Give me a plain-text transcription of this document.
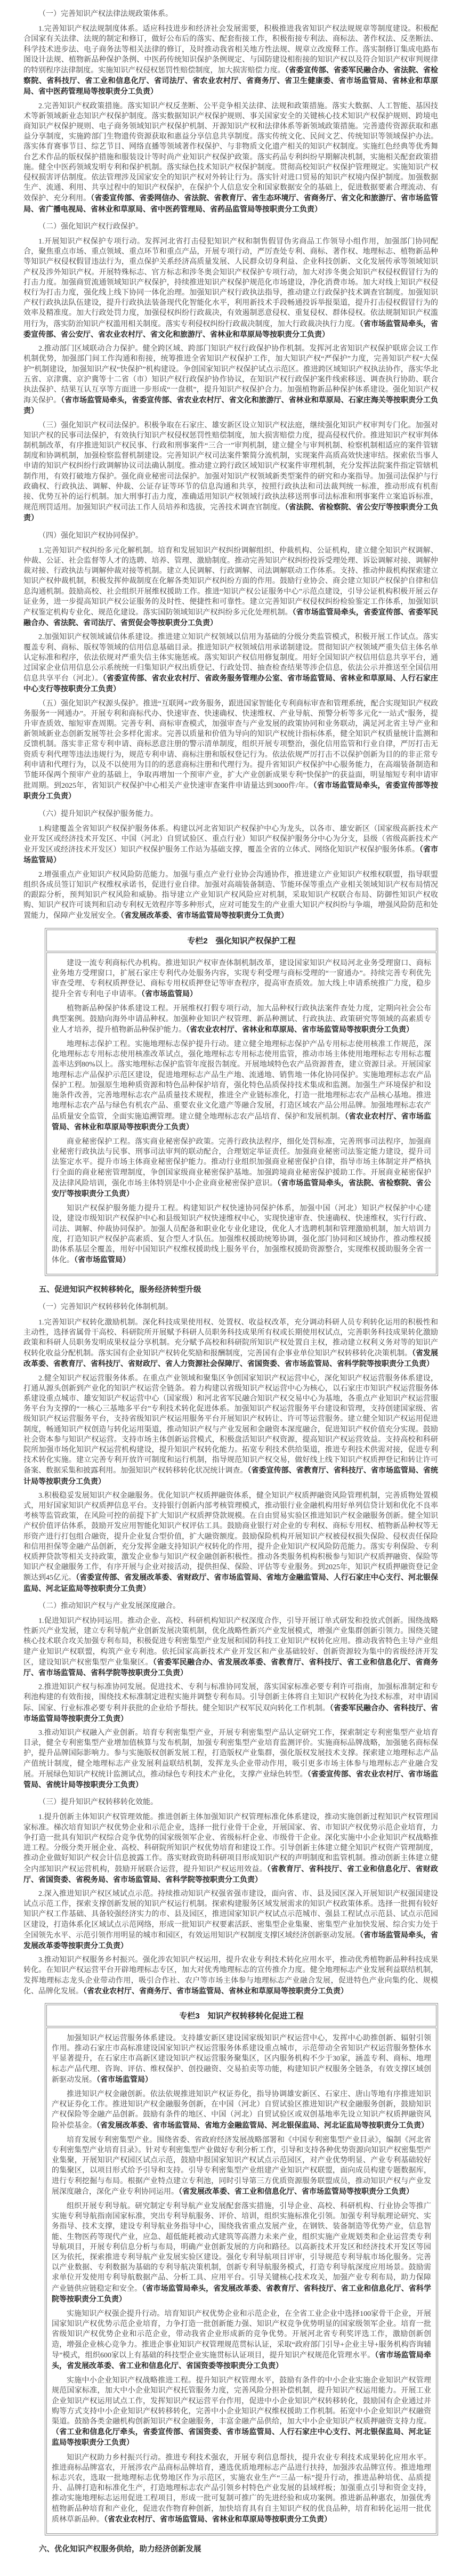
（一）完善知识产权法律法规政策体系。

1.完善知识产权法规制度体系。适应科技进步和经济社会发展需要，积极推进我省知识产权法规规章等制度建设。积极配合国家有关法律、法规的制定和修订，做好公布后的落实、配套衔接工作，积极衔接专利法、商标法、著作权法、反垄断法、科学技术进步法、电子商务法等相关法律的修订，及时推动我省相关地方性法规、规章立改废释工作。落实制修订集成电路布图设计法规、植物新品种保护条例、中医药传统知识保护条例规定、与国防建设相衔接的知识产权以及符合知识产权审判规律的特别程序法律制度。实施知识产权侵权惩罚性赔偿制度，加大损害赔偿力度。（省委宣传部、省委军民融合办、省法院、省检察院、省科技厅、省工业和信息化厅、省司法厅、省农业农村厅、省商务厅、省卫生健康委、省市场监管局、省林业和草原局、省中医药管理局等按职责分工负责）

2.完善知识产权政策措施。落实知识产权反垄断、公平竞争相关法律、法规和政策措施。落实大数据、人工智能、基因技术等新领域新业态知识产权保护制度。落实数据知识产权保护规则、事关国家安全的关键核心技术知识产权保护规则、跨境电商知识产权保护规则、电子商务领域知识产权保护机制、开源知识产权和法律体系等新领域政策措施。完善遗传资源获取和惠益分享制度，实施跨部门生物遗传资源获取和惠益分享信息共享制度。落实传统文化、民间文艺、传统知识等领域保护办法。落实体育赛事节目、综艺节目、网络直播等领域著作权保护、与非物质文化遗产相关的知识产权制度。实施红色经典等优秀舞台艺术作品的版权保护措施和服装设计等时尚产业知识产权保护政策。落实药品专利纠纷早期解决机制，实施相关配套政策措施。健全中医药领域发明专利和保护机制。落实绿色技术知识产权保护制度。贯彻高校知识产权保护管理规定。实施知识产权侵权损害评估制度。依法管理涉及国家安全的知识产权对外转让行为。落实针对进口贸易的知识产权境内保护制度。加强数据生产、流通、利用、共享过程中的知识产权保护，在保护个人信息安全和国家数据安全的基础上，促进数据要素合理流动、有效保护、充分利用。（省委宣传部、省委网信办、省法院、省教育厅、省生态环境厅、省商务厅、省文化和旅游厅、省市场监管局、省广播电视局、省林业和草原局、省中医药管理局、省药品监管局等按职责分工负责）

（二）强化知识产权行政保护。

1.开展知识产权保护专项行动。发挥河北省打击侵犯知识产权和制售假冒伪劣商品工作领导小组作用，加强部门协同配合，聚焦重点市场、重点领域、重点环节和重点产品，开展专项行动，严厉查处专利、商标、著作权、地理标志、植物新品种等知识产权侵权假冒违法行为，重点保护关系经济高质量发展、人民群众切身利益、企业科技创新、文化发展传承等领域知识产权及涉外知识产权。开展特殊标志、官方标志和涉冬奥会知识产权保护专项行动，加大对涉冬奥会知识产权侵权假冒行为的打击力度。加强商贸流通领域知识产权保护，持续推进知识产权保护规范化市场建设，净化消费市场。加大对线上知识产权侵权行为打击力度，强化线上线下协同一体化治理。加强知识产权行政执法指导，推动建立行政保护技术调查官制度。加强知识产权行政执法队伍建设，提升行政执法装备现代化智能化水平，利用新技术手段畅通投诉举报渠道，提升打击侵权假冒行为的效率及精准度。加大行政处罚力度，加强侵权纠纷行政裁决，有效遏制恶意侵权、重复侵权、群体侵权。依法规制知识产权滥用行为，落实防治知识产权滥用相关制度。落实专利侵权纠纷行政裁决制度，加大行政裁决执行力度。（省市场监管局牵头，省委宣传部、省公安厅、省农业农村厅、省文化和旅游厅、省林业和草原局等按职责分工负责）

2.推动部门区域联动合力保护。健全跨区域、跨部门知识产权行政保护协作机制。发挥河北省知识产权保护联席会议工作机制优势，加强部门间工作沟通和衔接，统筹推进全省知识产权保护工作，加大知识产权“严保护”力度，完善知识产权“大保护”机制建设，加强知识产权“快保护”机构建设。争创国家知识产权保护试点示范区。推进跨区域知识产权执法协作，落实华北五省、京津冀、京沪冀等十二省（市）知识产权行政保护协作协议，在知识产权行政保护案件线索移送、调查执行协助、联合执法保护、结果互认互享等方面进一步形成“一盘棋”，提升知识产权保护合力。加强植物新品种保护体系建设。强化知识产权海关保护。（省市场监管局牵头，省委宣传部、省农业农村厅、省文化和旅游厅、省林业和草原局、石家庄海关等按职责分工负责）

（三）强化知识产权司法保护。积极争取在石家庄、雄安新区设立知识产权法庭，继续强化知识产权审判专门化。加强对知识产权的民事司法保护，有效执行知识产权侵权惩罚性赔偿制度，加大损害赔偿力度，提高侵权代价。推进知识产权审判体制机制改革，有序推进知识产权民事、行政和刑事案件“三合一”审判机制，建立健全与审判机制、检察机制相适应的案件管辖制度和协调机制，加强检察监督机制建设。完善知识产权司法案件繁简分流机制，实现案件高质高效快速审结。探索依当事人申请的知识产权纠纷行政调解协议司法确认制度。推动建立跨行政区域知识产权案件审理机制，充分发挥法院案件指定管辖机制作用，有效打破地方保护。强化商业秘密司法保护。加强对知识产权领域新类型案件的研究和办案指导。加强司法保护与行政确权、行政执法、调解、仲裁、公证存证等环节的信息沟通和共享，按照行政执法和司法裁判统一标准，推动形成有机衔接、优势互补的运行机制。加大刑事打击力度，准确适用知识产权领域行政执法移送刑事司法标准和刑事案件立案追诉标准，规范刑罚适用。加强知识产权司法工作人员培养和选拔，完善技术调查官制度。（省法院、省检察院、省公安厅等按职责分工负责）

（四）强化知识产权协同保护。

1.完善知识产权纠纷多元化解机制。培育和发展知识产权纠纷调解组织、仲裁机构、公证机构，建立健全知识产权调解、仲裁、公证、社会监督等人才的选聘、培养、管理、激励制度。推动完善知识产权纠纷投诉受理处理、诉讼调解对接、调解仲裁对接、行政执法与调解仲裁对接等机制。建立人民调解、行政调解、司法调解联动工作体系。支持、推动仲裁机构探索建立知识产权仲裁机制，积极发挥仲裁制度在化解各类知识产权纠纷方面的作用。鼓励行业协会、商会建立知识产权保护自律和信息沟通机制。鼓励高校、社会组织开展维权援助工作。推进“知识产权公证服务中心”示范点建设，引导公证机构积极开展云存证业务，进一步提高知识产权公证服务的及时性、便捷性和可靠性。建立完善知识产权侵权纠纷检验鉴定工作体系，加强知识产权鉴定机构专业化、规范化建设。落实国防领域知识产权纠纷多元化处理机制。（省市场监管局牵头，省委宣传部、省委军民融合办、省法院、省司法厅、省贸促会等按职责分工负责）

2.加强知识产权领域诚信体系建设。推进建立知识产权领域以信用为基础的分级分类监管模式，积极开展工作试点。落实覆盖专利、商标、版权等领域的信用信息基础目录。推进知识产权领域信用承诺制建设。贯彻知识产权领域严重失信主体名单认定标准和程序，依法依规对严重失信主体实施惩戒。落实知识产权信用修复制度。用好全国知识产权信用信息共享平台，通过国家企业信用信息公示系统统一归集知识产权出质登记、行政处罚、抽查检查结果等涉企信息，依法公示并推送至全国信用信息共享平台（河北）。（省委宣传部、省农业农村厅、省政务服务管理办公室、省市场监管局、省林业和草原局、人行石家庄中心支行等按职责分工负责）

（五）强化知识产权源头保护。推进“互联网+”政务服务，跟进国家智能化专利商标审查和管理系统，配合实现知识产权政务服务“一网通办”。开展专利和商标代办、快速审查、快速确权、快速维权、产业导航、预警分析等多元化“一站式”服务，提升审查质效、缩短审查周期。完善专利、商标审查模式，加强审查与产业发展的政策协同和业务联动，满足河北省主导产业和新领域新业态创新发展等社会多样化需求。完善以质量和价值为导向的知识产权统计指标体系，健全知识产权质量统计监测和反馈机制。落实非正常专利申请、商标恶意注册的警示清单制度，组织开展专项整治，强化信用监管和行业自律，严厉打击无资质专利代理等违法违规行为，规范专利申请、商标注册和版权登记行为。依法依规严厉打击不以保护创新为目的的非正常专利申请和代理行为，以及不以使用为目的的恶意商标注册和代理行为。提升省知识产权保护中心服务能力，在高端装备制造和节能环保两个预审产业的基础上，争取再增加一个预审产业，扩大产业创新成果专利“快保护”的获益面，明显缩短专利申请审批周期。到2025年，省知识产权保护中心相关产业快速审查案件申请量达到3000件/年。（省市场监管局牵头，省委宣传部等按职责分工负责）

（六）提升知识产权保护服务能力。

1.构建覆盖全省知识产权保护服务体系。构建以河北省知识产权保护中心为龙头，以各市、雄安新区（国家级高新技术产业开发区或经济技术开发区、中国（河北）自贸试验区、重点行业）知识产权保护服务分中心为分支，县级（省级高新技术产业开发区或经济技术开发区）知识产权保护服务工作站为基础支撑，覆盖全省的立体式、网络化知识产权保护服务体系。（省市场监管局）

2.增强重点产业知识产权风险防范能力。加强与重点产业行业协会沟通协作，推进建立产业知识产权维权联盟，指导联盟组织各成员签订知识产权维权承诺书，促进行业自律。加强对高端装备制造、节能环保等重点产业相关领域知识产权布局情况的跟踪分析，预判知识产权风险和威胁。指导建立产业知识产权风险应对机制，采取知识产权联合布局、防御性知识产权收购、知识产权许可谈判和启动专利权无效程序等多种形式，应对可能发生的产业重大知识产权纠纷与争端，增强风险防范和处置能力，保障产业发展安全。（省发展改革委、省市场监管局等按职责分工负责）

专栏2　强化知识产权保护工程

建设一流专利商标代办机构。推进知识产权审查体制机制改革，建设国家知识产权局河北业务受理窗口、商标业务地方受理窗口，扩展石家庄专利代办处服务内容，实现专利受理与商标受理的“一窗通办”。持续完善专利优先审查受理、专利权质押登记、商标专用权质押登记等审查程序，提高审查质效。加大线上申请系统推广力度，稳步提升全省专利电子申请率。（省市场监管局）

植物新品种保护体系建设工程。开展维权打假专项行动，加大品种权行政执法案件查处力度，定期向社会公布典型案例。鼓励向海外申请品种权。加强种业知识产权管理、新品种测试、行政执法、政策研究等领域的高素质专业人才培养，提升植物新品种保护能力。（省农业农村厅、省林业和草原局、省市场监管局等按职责分工负责）

地理标志保护工程。实施地理标志保护提升行动。建立健全地理标志保护产品专用标志使用核准工作规范，深化地理标志专用标志使用核准改革试点，强化地理标志专用标志使用监管，推动市场主体使用地理标志专用标志覆盖率达到80%以上。落实地理标志保护监管年度报告制度。开展地域特色农产品资源普查，建立资源目录。开展国家地理标志产品保护示范区建设，促进地理标志产品生产地、流通地、销售地一体化协同保护。实施地理标志农产品保护工程。加强原生地种质资源和特色品种保护培育，强化特色品质保持技术集成和监测。加强生产环境保护和设施条件改善，完善地理标志农产品质量技术规程，推进全产业链标准化，打造一批地理标志农产品核心基地。推进地理标志农产品与绿色有机农产品、重要农业文化遗产等融合发展，打造区域农产品公用品牌。加强地理标志农产品质量安全监管，全面实施追溯管理。建立健全地理标志农产品培育、保护和发展机制。（省农业农村厅、省市场监管局、省林业和草原局等按职责分工负责）

商业秘密保护工程。落实商业秘密保护政策。完善行政执法程序，细化处罚标准，完善刑事司法程序，加强商业秘密行政执法与民事、刑事司法审判的联动配合，合理划定举证责任。加强商业秘密司法鉴定能力建设，提升司法鉴定水平。提升市场主体商业秘密保护能力。推动行业组织加强商业秘密保护自律，指导市场主体制定并严格执行全面的商业秘密管理制度，争创国家级商业秘密保护基地。加强跨境商业秘密保护援助工作。开展商业秘密保护及法律风险培训，强化市场主体特别是中小企业商业秘密保护意识。（省市场监管局牵头，省法院、省检察院、省公安厅等按职责分工负责）

知识产权保护服务能力提升工程。构建知识产权快速协同保护体系，加强中国（河北）知识产权保护中心建设，建设市级知识产权保护中心和县级知识产权快速维权中心，实现快速审查、快速确权、快速维权，实行行政、司法、调解、仲裁协同保护。加强人员配备和职业化专业化建设，优化人才选聘机制和管理激励机制，加大培训力度，打造知识产权保护高素质、复合型人才队伍。加强维权援助统筹协调，强化部门协同和区域协作，推动维权援助体系基层全覆盖，用好中国知识产权维权援助线上服务平台，加强维权援助资源整合，实现维权援助服务全省一体化。（省市场监管局）

五、促进知识产权转移转化，服务经济转型升级

（一）完善知识产权转移转化体制机制。

1.完善知识产权转化激励机制。深化科技成果使用权、处置权、收益权改革，充分调动科研人员专利转化运用的积极性和主动性，选择省属骨干高校、科研院所开展赋予科研人员职务科技成果所有权或长期使用权试点，完善职务科技成果转化激励政策和科研人员职务发明成果权益分享机制。充分赋予高校和科研院所知识产权处置自主权，推动建立权利义务对等的知识产权转化收益分配机制。落实国有企业知识产权转化奖励和报酬制度，完善国有企事业单位知识产权转移转化决策机制。（省发展改革委、省教育厅、省科技厅、省财政厅、省人力资源社会保障厅、省国资委、省市场监管局、省科学院等按职责分工负责）

2.健全知识产权运营服务体系。在重点产业领域和聚集区争创国家知识产权运营中心，深化知识产权运营服务体系建设，打通从源头创新到产业化的知识产权运营全链条。着力构建以省级知识产权运营中心为核心，以石家庄市知识产权运营服务体系建设重点城市、雄安知识产权运营中心（国家级）和河北省军民融合知识产权交易中心为基地，各重点产业知识产权运营服务平台为支撑的“一核心三基地多平台”专利技术转化促进体系。加强知识产权运营服务平台建设和管理，支持创建国家级、省级知识产权运营服务平台，支持省级知识产权运用服务平台开展知识产权转让、许可等运营服务。建立健全知识产权运用促进制度，畅通知识产权创造与转化运用渠道，推动知识产权与产业发展和金融资本深度融合，促进知识产权价值充分实现。鼓励社会资本参与知识产权运营。支持市场主体创新运营模式，积极盘活知识产权资源，提高知识产权运营效益。支持高校和科研院所加强市场化知识产权运营机构建设，提升知识产权转化能力。拓宽专利技术供给渠道，推进专利技术供需对接，促进专利技术转化实施。建立完善专利开放许可制度和运行机制，指导规范知识产权交易，做好线上线下知识产权质押登记和转让许可备案、数据采集和披露利用。加强知识产权转移转化状况统计调查。（省委宣传部、省教育厅、省科技厅、省市场监管局、省统计局等按职责分工负责）

3.积极稳妥发展知识产权金融服务。优化知识产权质押融资体系，健全知识产权质押融资风险管理机制，完善质物处置模式，用好国家知识产权质押信息平台。支持银行创新内部考核管理模式，推动银行业金融机构用好单列信贷计划和优化不良率考核等监管政策，在风险可控的前提下扩大知识产权质押贷款规模。在自由贸易实验区推进知识产权金融服务创新。健全知识产权价值评估体系，鼓励开发应用智能化知识产权评估工具。鼓励商业银行对企业的专利权、商标专用权、植物新品种权等无形资产进行打包组合融资，提升企业复合型价值，扩大融资额度。鼓励保险机构开展知识产权被侵权损失保险、侵权责任保险和信用担保等金融产品创新，充分发挥金融支持知识产权转化的作用，提升企业知识产权风险防范能力。落实专利保险、专利权质押贷款等相关支持政策，激发企业参与知识产权金融创新积极性。推动各类服务机构积极参与知识产权质押融资、保险等知识产权金融服务工作，有序开展与企业对接活动，提供担保、保险、评估等专业服务。到2025年，知识产权质押融资登记金额达到45亿元。（省委宣传部、省发展改革委、省财政厅、省市场监管局、省地方金融监管局、人行石家庄中心支行、河北银保监局、河北证监局等按职责分工负责）

（二）推动知识产权与产业发展深度融合。

1.促进知识产权协同运用。推动企业、高校、科研机构知识产权深度合作，引导开展订单式研发和投放式创新。围绕战略性新兴产业发展，建立专利导航产业创新发展决策机制，优化战略性新兴产业发展模式，增强产业集群创新引领力。围绕关键核心技术联合攻关加强专利布局，积极促进专利密集型产业发展和国防科技工业知识产权转化应用。推动我省特色主导产业组建产业知识产权联盟，构筑产业专利池。依托国家高新技术产业开发区和产业基础较好、创新资源较为集中的省级经济开发区，建设知识产权密集型产业集聚区。（省委军民融合办、省发展改革委、省教育厅、省科技厅、省工业和信息化厅、省商务厅、省市场监管局、省科学院等按职责分工负责）

2.推进知识产权与标准协同发展。促进技术、专利与标准协同发展，落实国家标准必要专利许可指南，加强标准制定和专利池构建的有效衔接，围绕技术标准制定进程实施并调整专利布局。引导创新主体将自主知识产权转化为技术标准，对申请国际、国家、行业标准必要专利并获批的企业给予帮扶。健全知识产权军民双向转化工作机制。（省委军民融合办、省科技厅、省市场监管局等按职责分工负责）

3.推动知识产权融入产业创新。培育专利密集型产业，开展专利密集型产品认定研究工作，探索制定专利密集型产业培育目录，健全专利密集型产业增加值核算与发布机制，加强专利密集型产业培育监测评价。实施商标品牌战略，加强驰名商标保护，提升品牌国际影响力。参与实施版权创新发展工程，打造版权产业集群，强化版权发展技术支撑。探索建立地理标志产品产值统计制度，健全地理标志产业发展利益联结机制，发挥龙头企业带动作用，吸引更多市场主体参与地理标志产业融合发展。开展绿色知识产权统计监测试点，推动绿色专利技术产业化，支撑产业绿色转型。（省委宣传部、省农业农村厅、省市场监管局、省统计局等按职责分工负责）

（三）提升知识产权转移转化效能。

1.提升创新主体知识产权管理效能。推进创新主体加强知识产权管理标准化体系建设，推动实施创新过程知识产权管理国家标准。梯次培育知识产权优势企业和示范企业，选择一批行业骨干企业，开展国家、省、市知识产权优势示范企业培育，力争打造一批具有知识产权综合竞争优势的国家级领军企业、省级标杆企业、市级骨干企业。深化实施中小企业知识产权战略推进工程。分级分类开展企业、高校、科研院所知识产权优势培育和建设工作。引导创新主体建立健全知识产权资产管理制度，推动企业做好知识产权会计信息披露工作。落实财政资助科研项目形成知识产权的声明制度和监管机制。推动创新主体建立健全内部知识产权运营机构，鼓励开展联合运营，提升知识产权运用效益。（省教育厅、省科技厅、省工业和信息化厅、省财政厅、省国资委、省税务局、省市场监管局、省科学院等按职责分工负责）

2.深入推进知识产权区域试点示范。持续推动知识产权强省强市建设，面向省、市、县及园区深入开展知识产权强国建设试点示范工作，探索支撑创新发展的知识产权运行机制。探索构建服务区域发展需求的知识产权政策体系。选择一批拥有较好知识产权工作基础、具备较强经济实力的市、县及园区，推进国家知识产权试点示范城市、强县工程试点示范县、试点示范园区建设，打造体系化区域试点示范网络，形成一批知识产权要素活跃、密集型企业集聚、密集型产业加快发展、综合实力处于全国领先水平、示范引领作用明显的城市和园区，有效运用知识产权制度支撑区域经济创新驱动发展。（省市场监管局牵头，省发展改革委等按职责分工负责）

3.推动知识产权服务乡村振兴。强化涉农知识产权运用，提升农业专利技术转化应用水平，推动优秀植物新品种科技成果转化。在知识产权运营平台开辟地理标志专区，加大对优秀地理标志的宣传推介力度。健全地理标志产业发展利益联结机制，发挥地理标志龙头企业带动作用，吸引合作社、农户等市场主体参与地理标志产业融合发展，促进特色产业向集约化、规模化、品牌化发展。（省农业农村厅、省商务厅、省市场监管局、省林业和草原局等按职责分工负责）

专栏3　知识产权转移转化促进工程

加强知识产权运营服务体系建设。支持雄安新区建设国家级知识产权运营中心，发挥中心助推创新、辐射引领作用。推动石家庄市高标准建设国家知识产权运营服务体系建设重点城市，示范带动全省知识产权运营服务整体水平显著提升，在石家庄市高新区建设知识产权运营服务聚集区，区内服务机构不少于30家，涵盖专利、商标、地理标志产品代理、咨询、评估、维权保护、创投融资、交易拍卖等功能，构建知识产权服务全链条，有效支撑区域创新驱动发展。（省市场监管局）

推进知识产权金融创新。依法依规推进知识产权证券化，指导协调雄安新区、石家庄、唐山等地有序推进知识产权证券化工作。推进知识产权金融服务创新，在中国（河北）自贸试验区推进知识产权金融服务创新，鼓励知识产权保险等金融产品创新。鼓励有条件的地区、中国（河北）自贸试验区或双创基地率先设立知识产权质押融资风险补偿基金。（省发展改革委、省市场监管局、省地方金融监管局、河北银保监局、河北证监局等按职责分工负责）

培育发展专利密集型产业。围绕省委、省政府经济发展战略部署和《中国专利密集型产业目录》，编制《河北省专利密集型产业培育目录》。针对专利密集型产业做好专利分析工作，引导和支持各种优势资源向知识产权密集型产业集聚，开展知识产权园区试点示范，鼓励申报国家知识产权试点示范园区，对产业优势明显、产业专利基础较好的集聚区，以项目形式给予引导和支持。引导专利密集型产业组建产业知识产权联盟，面向成员构建专题数据库，进行专利挖掘与布局。根据产业特点建立专利池，同时引导第三方优质资源服务联盟成员，推动知识产权与产业发展深度融合，深化产业专利协同运用。（省发展改革委、省工业和信息化厅、省市场监管局等按职责分工负责）

组织开展专利导航。研究制定专利导航产业发展配套落实措施，引导企业、高校、科研机构、行业协会等推广实施专利导航指南国家标准，突出专利导航服务、评价、培训，组织实施标准化引领。加强专利导航理论研究、实务指导、技术支撑，建设专利导航业务指导中心，围绕我省重点发展产业，在钢铁、装备制造等优势产业，信息智能、生物医药等现代产业，应急、超低能耗被动式建筑等高潜力未来产业，组织实施产业规划类和企业运营类专利导航项目，开展专利信息分析与布局，明确产业创新发展的方向和路径。以高新技术开发区和经济技术开发区等园区为依托，探索推进专利导航产业发展实验区建设。强化专利导航项目评审，引导规范专利导航市场化服务。完善以产业数据、专利数据为基础的专利导航决策机制，创新专利导航服务模式，打造专利导航深度应用场景。鼓励需求单位开发使用专利导航数据产品、分析工具、应用平台。引导关键核心技术攻关，加强产业专利布局，助力保障产业链供应链稳定和安全。（省市场监管局牵头，省发展改革委、省教育厅、省科技厅、省工业和信息化厅、省科学院等按职责分工负责）

实施知识产权强企提升行动。培育知识产权优势企业和示范企业，在全省工业企业中选择100家骨干企业，开展国家知识产权优势示范企业培育，力争打造一批创新能力强、知识产权竞争优势明显的国家级领军企业。培育一批省级知识产权优势企业和示范企业，带动我省企业形成新的竞争优势。开展河北省专利奖评选工作，激励创新创造，增强企业核心竞争力。推进企事业知识产权管理规范贯标认证，采取“政府部门引导+企业主导+服务机构咨询辅导”模式，组织600家以上有基础的科技型企业实施贯标认证项目，提升知识产权规范化管理水平。（省市场监管局牵头，省发展改革委、省工业和信息化厅、省国资委等按职责分工负责）

实施中小企业知识产权战略推进工程。提升知识产权管理水平，鼓励有条件的中小企业实施企业知识产权管理规范国家标准，加大中小企业知识产权托管服务力度，完善风险分担补偿机制，提升知识产权运用能力。开展工业企业知识产权运用试点工作，发挥知识产权运营平台作用，促进中小企业知识产权转移转化，鼓励国有企业通过并购等方式支持中小企业知识产权转移转化，完善中小企业知识产权维权援助工作机制。拓宽中小企业知识产权融资渠道。鼓励各类金融机构创新知识产权金融服务，丰富金融产品供给，加大中小企业知识产权质押融资支持力度。（省工业和信息化厅牵头，省委宣传部、省国资委、省市场监管局、人行石家庄中心支行、河北银保监局、河北证监局等按职责分工负责）

知识产权助力乡村振兴行动。推进专利技术强农，开展专利信息帮扶，提升农业专利技术成果转化应用水平。推进商标品牌富农，开展涉农产品商标品牌培育，遴选优质地理标志产品进行扶持，加强涉农品牌宣传。推进地理标志兴农，选取一批地理标志优势地区作为示范区，实施农业生产“三品一标”提升行动，推进品种培优、品质提升、品牌打造和标准化生产，打造地理标志农产品引领乡村特色产业发展的县域样板；加强重点引导和资金支持，推动实施地理标志运用促进工程项目，形成一批可复制可推广的先进经验和成功案例。推进新品种惠农，加强优秀植物新品种培育和产业化，促进农作物育种创新，加快培育具有自主知识产权的优良品种，培育和转化运用一批优质林草新品种。（省农业农村厅、省市场监管局、省林业和草原局等按职责分工负责）

六、优化知识产权服务供给，助力经济创新发展
